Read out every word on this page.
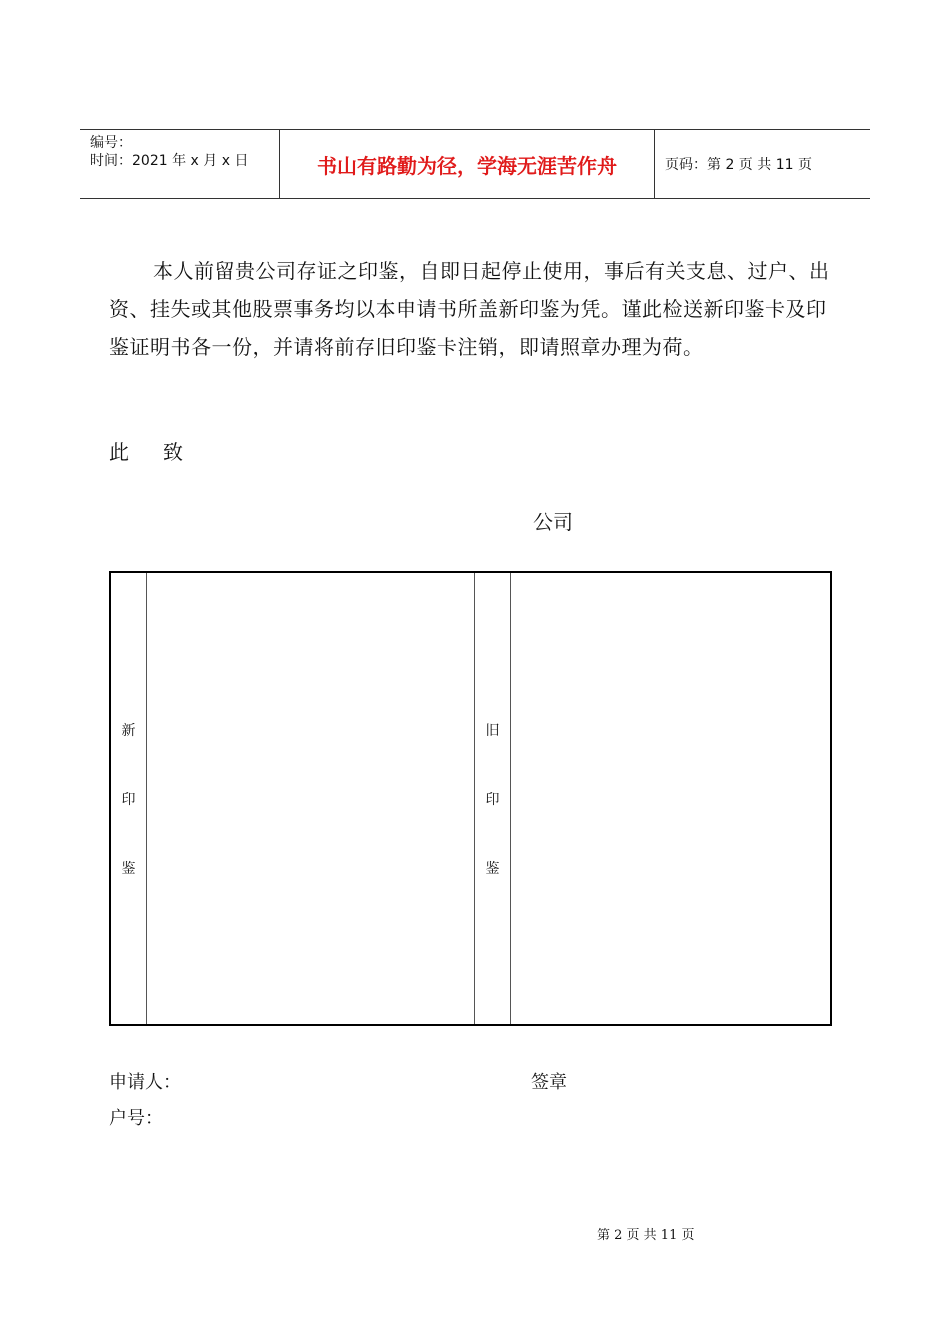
编号：
时间：2021 年 x 月 x 日	书山有路勤为径，学海无涯苦作舟	页码：第 2 页 共 11 页

本人前留贵公司存证之印鉴，自即日起停止使用，事后有关支息、过户、出资、挂失或其他股票事务均以本申请书所盖新印鉴为凭。谨此检送新印鉴卡及印鉴证明书各一份，并请将前存旧印鉴卡注销，即请照章办理为荷。

此致
公司
新
印
鉴
旧
印
鉴
申请人：	签章
户号：
第 2 页 共 11 页
